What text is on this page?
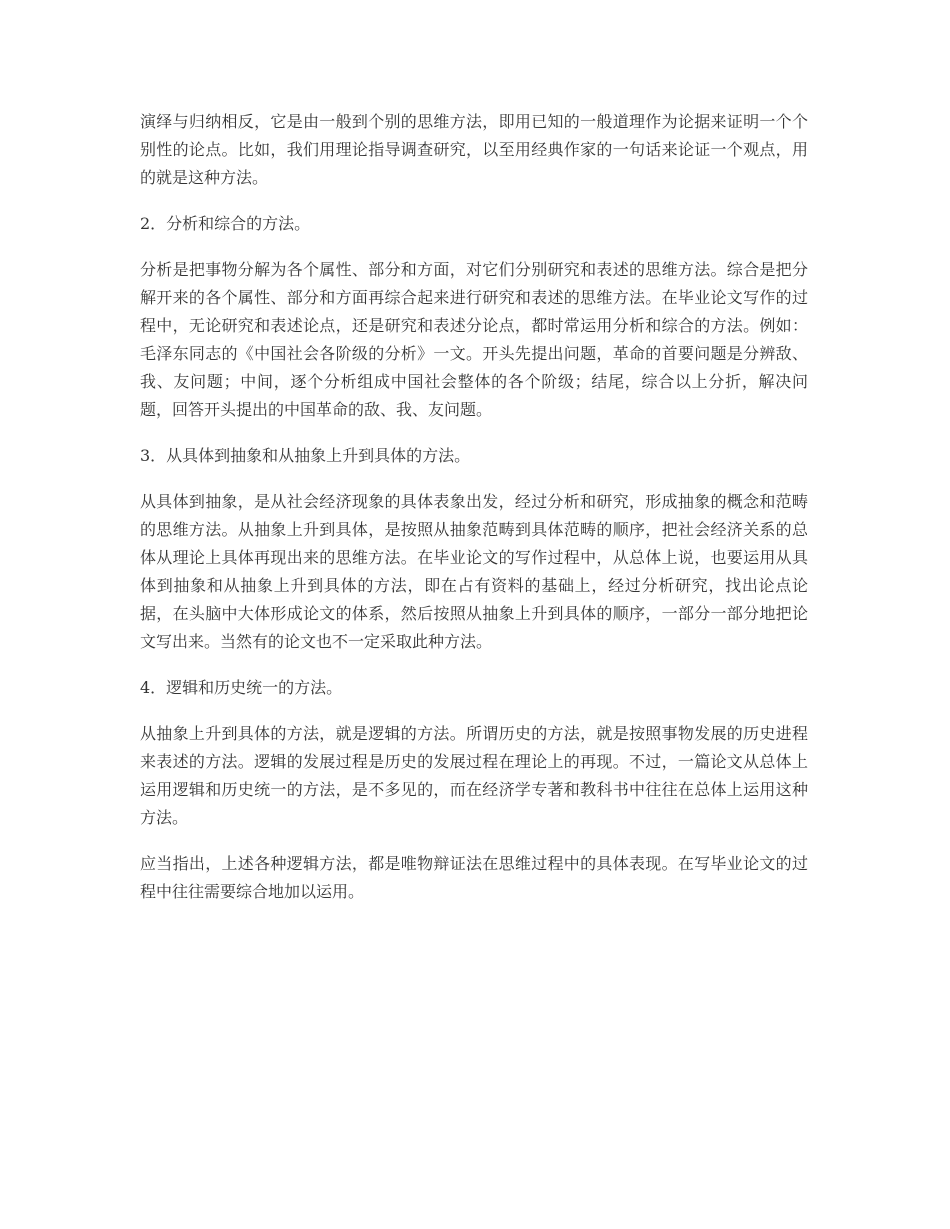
演绎与归纳相反，它是由一般到个别的思维方法，即用已知的一般道理作为论据来证明一个个别性的论点。比如，我们用理论指导调查研究，以至用经典作家的一句话来论证一个观点，用的就是这种方法。

2．分析和综合的方法。

分析是把事物分解为各个属性、部分和方面，对它们分别研究和表述的思维方法。综合是把分解开来的各个属性、部分和方面再综合起来进行研究和表述的思维方法。在毕业论文写作的过程中，无论研究和表述论点，还是研究和表述分论点，都时常运用分析和综合的方法。例如：毛泽东同志的《中国社会各阶级的分析》一文。开头先提出问题，革命的首要问题是分辨敌、我、友问题；中间，逐个分析组成中国社会整体的各个阶级；结尾，综合以上分折，解决问题，回答开头提出的中国革命的敌、我、友问题。

3．从具体到抽象和从抽象上升到具体的方法。

从具体到抽象，是从社会经济现象的具体表象出发，经过分析和研究，形成抽象的概念和范畴的思维方法。从抽象上升到具体，是按照从抽象范畴到具体范畴的顺序，把社会经济关系的总体从理论上具体再现出来的思维方法。在毕业论文的写作过程中，从总体上说，也要运用从具体到抽象和从抽象上升到具体的方法，即在占有资料的基础上，经过分析研究，找出论点论据，在头脑中大体形成论文的体系，然后按照从抽象上升到具体的顺序，一部分一部分地把论文写出来。当然有的论文也不一定采取此种方法。

4．逻辑和历史统一的方法。

从抽象上升到具体的方法，就是逻辑的方法。所谓历史的方法，就是按照事物发展的历史进程来表述的方法。逻辑的发展过程是历史的发展过程在理论上的再现。不过，一篇论文从总体上运用逻辑和历史统一的方法，是不多见的，而在经济学专著和教科书中往往在总体上运用这种方法。

应当指出，上述各种逻辑方法，都是唯物辩证法在思维过程中的具体表现。在写毕业论文的过程中往往需要综合地加以运用。
